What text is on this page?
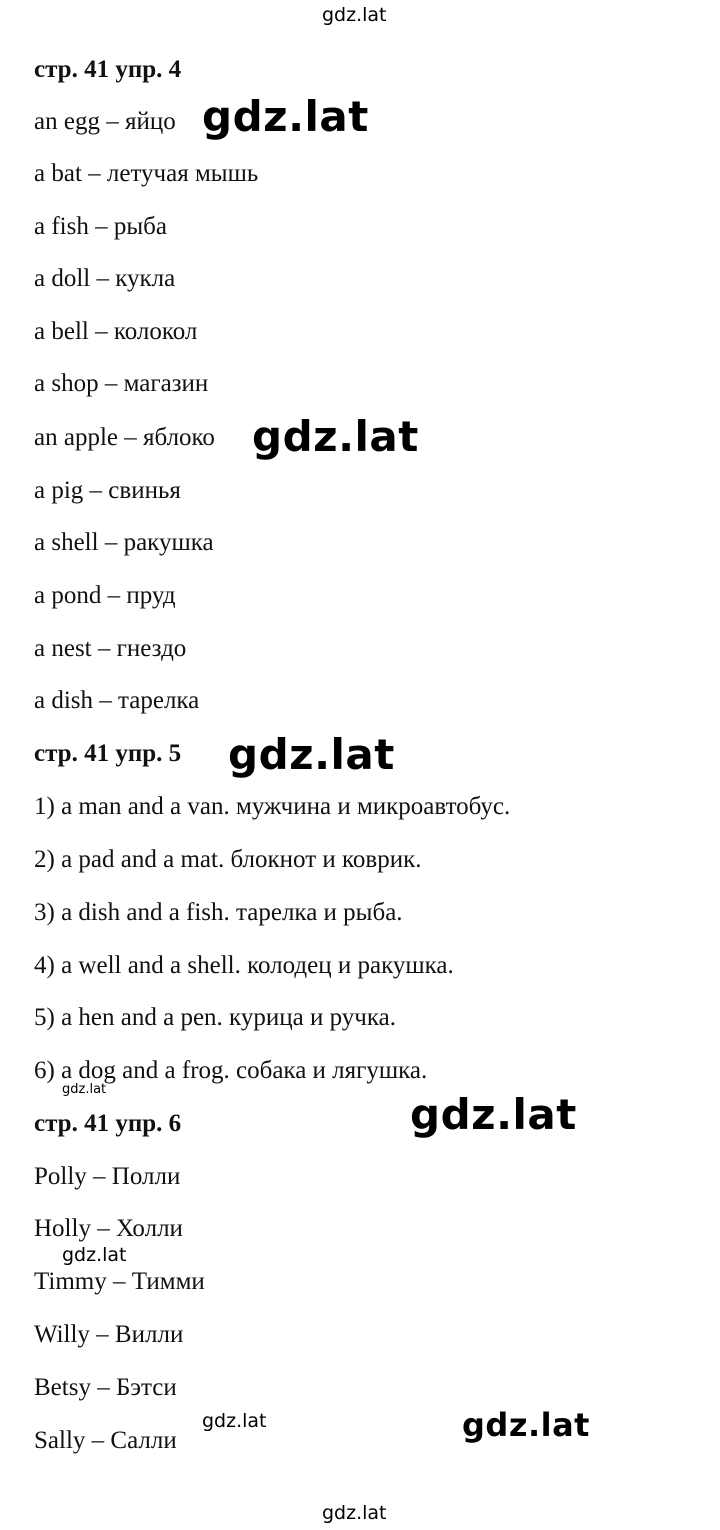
gdz.lat
стр. 41 упр. 4
an egg – яйцо gdz.lat
a bat – летучая мышь
a fish – рыба
a doll – кукла
a bell – колокол
a shop – магазин
an apple – яблоко gdz.lat
a pig – свинья
a shell – ракушка
a pond – пруд
a nest – гнездо
a dish – тарелка
стр. 41 упр. 5 gdz.lat
1) a man and a van. мужчина и микроавтобус.
2) a pad and a mat. блокнот и коврик.
3) a dish and a fish. тарелка и рыба.
4) a well and a shell. колодец и ракушка.
5) a hen and a pen. курица и ручка.
6) a dog and a frog. собака и лягушка.
gdz.lat
стр. 41 упр. 6	gdz.lat
Polly – Полли
Holly – Холли
gdz.lat
Timmy – Тимми
Willy – Вилли
Betsy – Бэтси
Sally – Салли
gdz.lat	gdz.lat
gdz.lat
